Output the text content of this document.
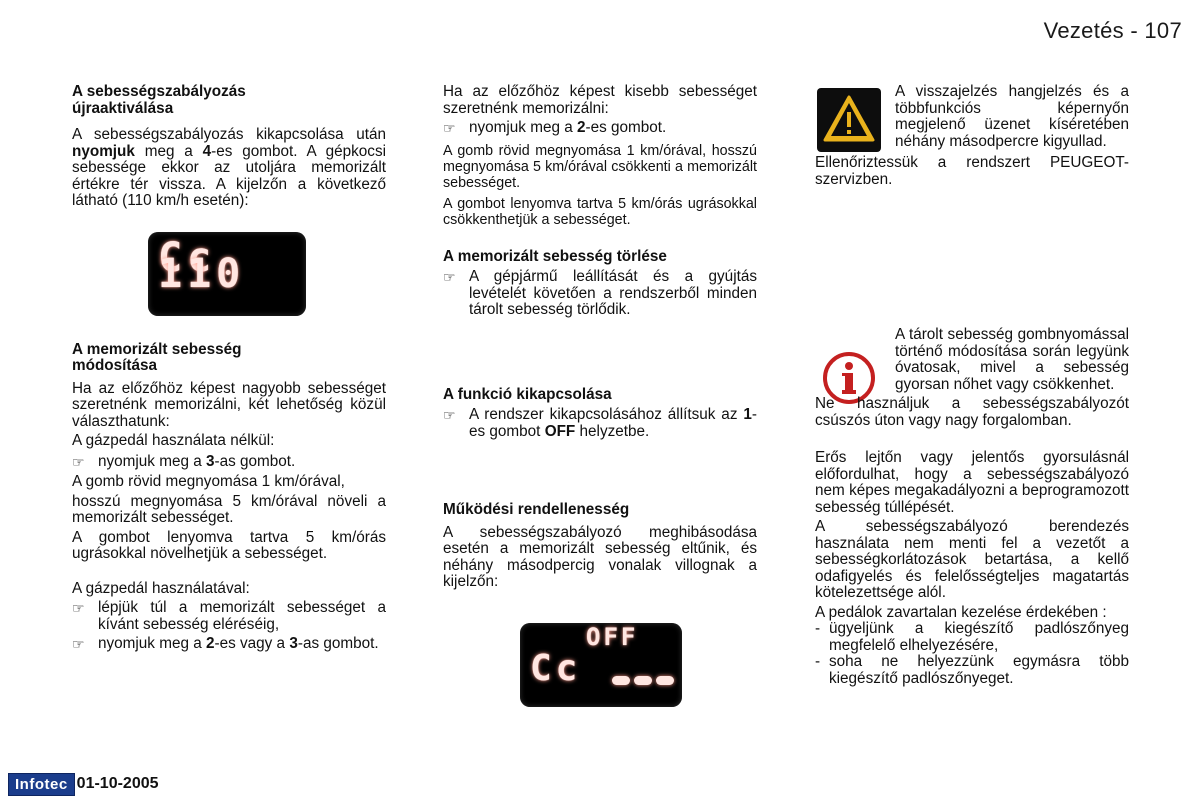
Vezetés - 107

A sebességszabályozás
újraaktiválása

A sebességszabályozás kikapcsolása után nyomjuk meg a 4-es gombot. A gépkocsi sebessége ekkor az utoljára memorizált értékre tér vissza. A kijelzőn a következő látható (110 km/h esetén):

Cc 110

A memorizált sebesség
módosítása

Ha az előzőhöz képest nagyobb sebességet szeretnénk memorizálni, két lehetőség közül választhatunk:

A gázpedál használata nélkül:

☞ nyomjuk meg a 3-as gombot.

A gomb rövid megnyomása 1 km/órával,

hosszú megnyomása 5 km/órával növeli a memorizált sebességet.

A gombot lenyomva tartva 5 km/órás ugrásokkal növelhetjük a sebességet.

A gázpedál használatával:

☞ lépjük túl a memorizált sebességet a kívánt sebesség eléréséig,
☞ nyomjuk meg a 2-es vagy a 3-as gombot.

Ha az előzőhöz képest kisebb sebességet szeretnénk memorizálni:

☞ nyomjuk meg a 2-es gombot.

A gomb rövid megnyomása 1 km/órával, hosszú megnyomása 5 km/órával csökkenti a memorizált sebességet.

A gombot lenyomva tartva 5 km/órás ugrásokkal csökkenthetjük a sebességet.

A memorizált sebesség törlése

☞ A gépjármű leállítását és a gyújtás levételét követően a rendszerből minden tárolt sebesség törlődik.

A funkció kikapcsolása

☞ A rendszer kikapcsolásához állítsuk az 1-es gombot OFF helyzetbe.

Működési rendellenesség

A sebességszabályozó meghibásodása esetén a memorizált sebesség eltűnik, és néhány másodpercig vonalak villognak a kijelzőn:

OFF
Cc

A visszajelzés hangjelzés és a többfunkciós képernyőn megjelenő üzenet kíséretében néhány másodpercre kigyullad.

Ellenőriztessük a rendszert PEUGEOT-szervizben.

A tárolt sebesség gombnyomással történő módosítása során legyünk óvatosak, mivel a sebesség gyorsan nőhet vagy csökkenhet.

Ne használjuk a sebességszabályozót csúszós úton vagy nagy forgalomban.

Erős lejtőn vagy jelentős gyorsulásnál előfordulhat, hogy a sebességszabályozó nem képes megakadályozni a beprogramozott sebesség túllépését.

A sebességszabályozó berendezés használata nem menti fel a vezetőt a sebességkorlátozások betartása, a kellő odafigyelés és felelősségteljes magatartás kötelezettsége alól.

A pedálok zavartalan kezelése érdekében :

- ügyeljünk a kiegészítő padlószőnyeg megfelelő elhelyezésére,
- soha ne helyezzünk egymásra több kiegészítő padlószőnyeget.
Infotec 01-10-2005
